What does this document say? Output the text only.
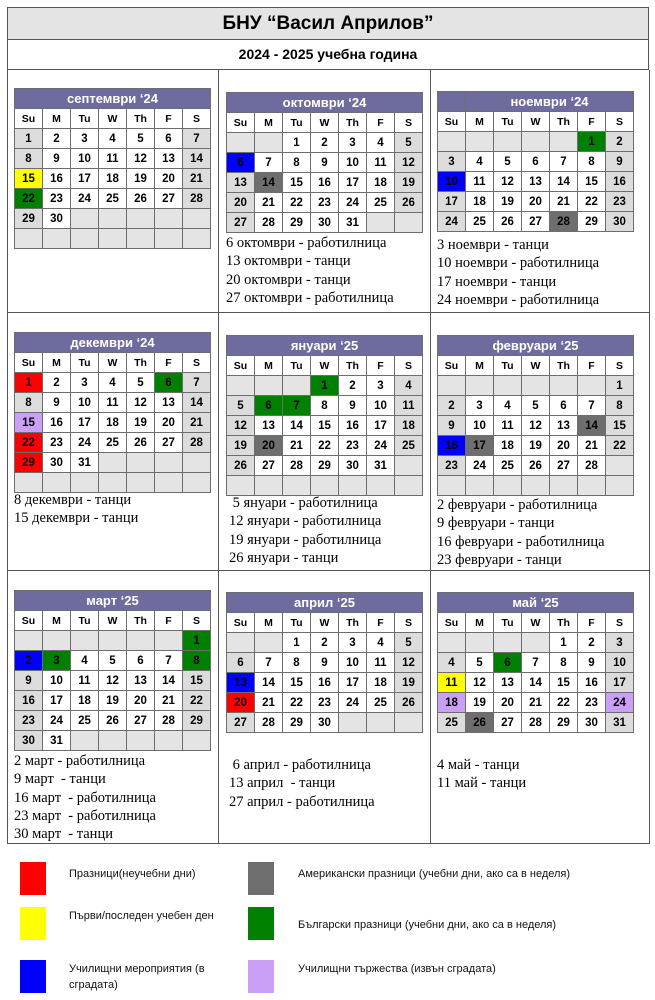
БНУ “Васил Априлов”
2024 - 2025 учебна година
септември ‘24						
Su	M	Tu	W	Th	F	S
1	2	3	4	5	6	7
8	9	10	11	12	13	14
15	16	17	18	19	20	21
22	23	24	25	26	27	28
29	30					

октомври ‘24						
Su	M	Tu	W	Th	F	S
		1	2	3	4	5
6	7	8	9	10	11	12
13	14	15	16	17	18	19
20	21	22	23	24	25	26
27	28	29	30	31		
6 октомври - работилница
13 октомври - танци
20 октомври - танци
27 октомври - работилница
	ноември ‘24					
Su	M	Tu	W	Th	F	S
					1	2
3	4	5	6	7	8	9
10	11	12	13	14	15	16
17	18	19	20	21	22	23
24	25	26	27	28	29	30
3 ноември - танци
10 ноември - работилница
17 ноември - танци
24 ноември - работилница
декември ‘24						
Su	M	Tu	W	Th	F	S
1	2	3	4	5	6	7
8	9	10	11	12	13	14
15	16	17	18	19	20	21
22	23	24	25	26	27	28
29	30	31				

8 декември - танци
15 декември - танци
януари ‘25						
Su	M	Tu	W	Th	F	S
			1	2	3	4
5	6	7	8	9	10	11
12	13	14	15	16	17	18
19	20	21	22	23	24	25
26	27	28	29	30	31	

5 януари - работилница
12 януари - работилница
19 януари - работилница
26 януари - танци
февруари ‘25						
Su	M	Tu	W	Th	F	S
						1
2	3	4	5	6	7	8
9	10	11	12	13	14	15
16	17	18	19	20	21	22
23	24	25	26	27	28	

2 февруари - работилница
9 февруари - танци
16 февруари - работилница
23 февруари - танци
март ‘25						
Su	M	Tu	W	Th	F	S
						1
2	3	4	5	6	7	8
9	10	11	12	13	14	15
16	17	18	19	20	21	22
23	24	25	26	27	28	29
30	31					
2 март - работилница
9 март  - танци
16 март  - работилница
23 март  - работилница
30 март  - танци
април ‘25						
Su	M	Tu	W	Th	F	S
		1	2	3	4	5
6	7	8	9	10	11	12
13	14	15	16	17	18	19
20	21	22	23	24	25	26
27	28	29	30			
6 април - работилница
13 април  - танци
27 април - работилница
май ‘25						
Su	M	Tu	W	Th	F	S
				1	2	3
4	5	6	7	8	9	10
11	12	13	14	15	16	17
18	19	20	21	22	23	24
25	26	27	28	29	30	31
4 май - танци
11 май - танци
Празници(неучебни дни)	Американски празници (учебни дни, ако са в неделя)
Първи/последен учебен ден
Български празници (учебни дни, ако са в неделя)
Училищни мероприятия (в сградата)
Училищни тържества (извън сградата)
